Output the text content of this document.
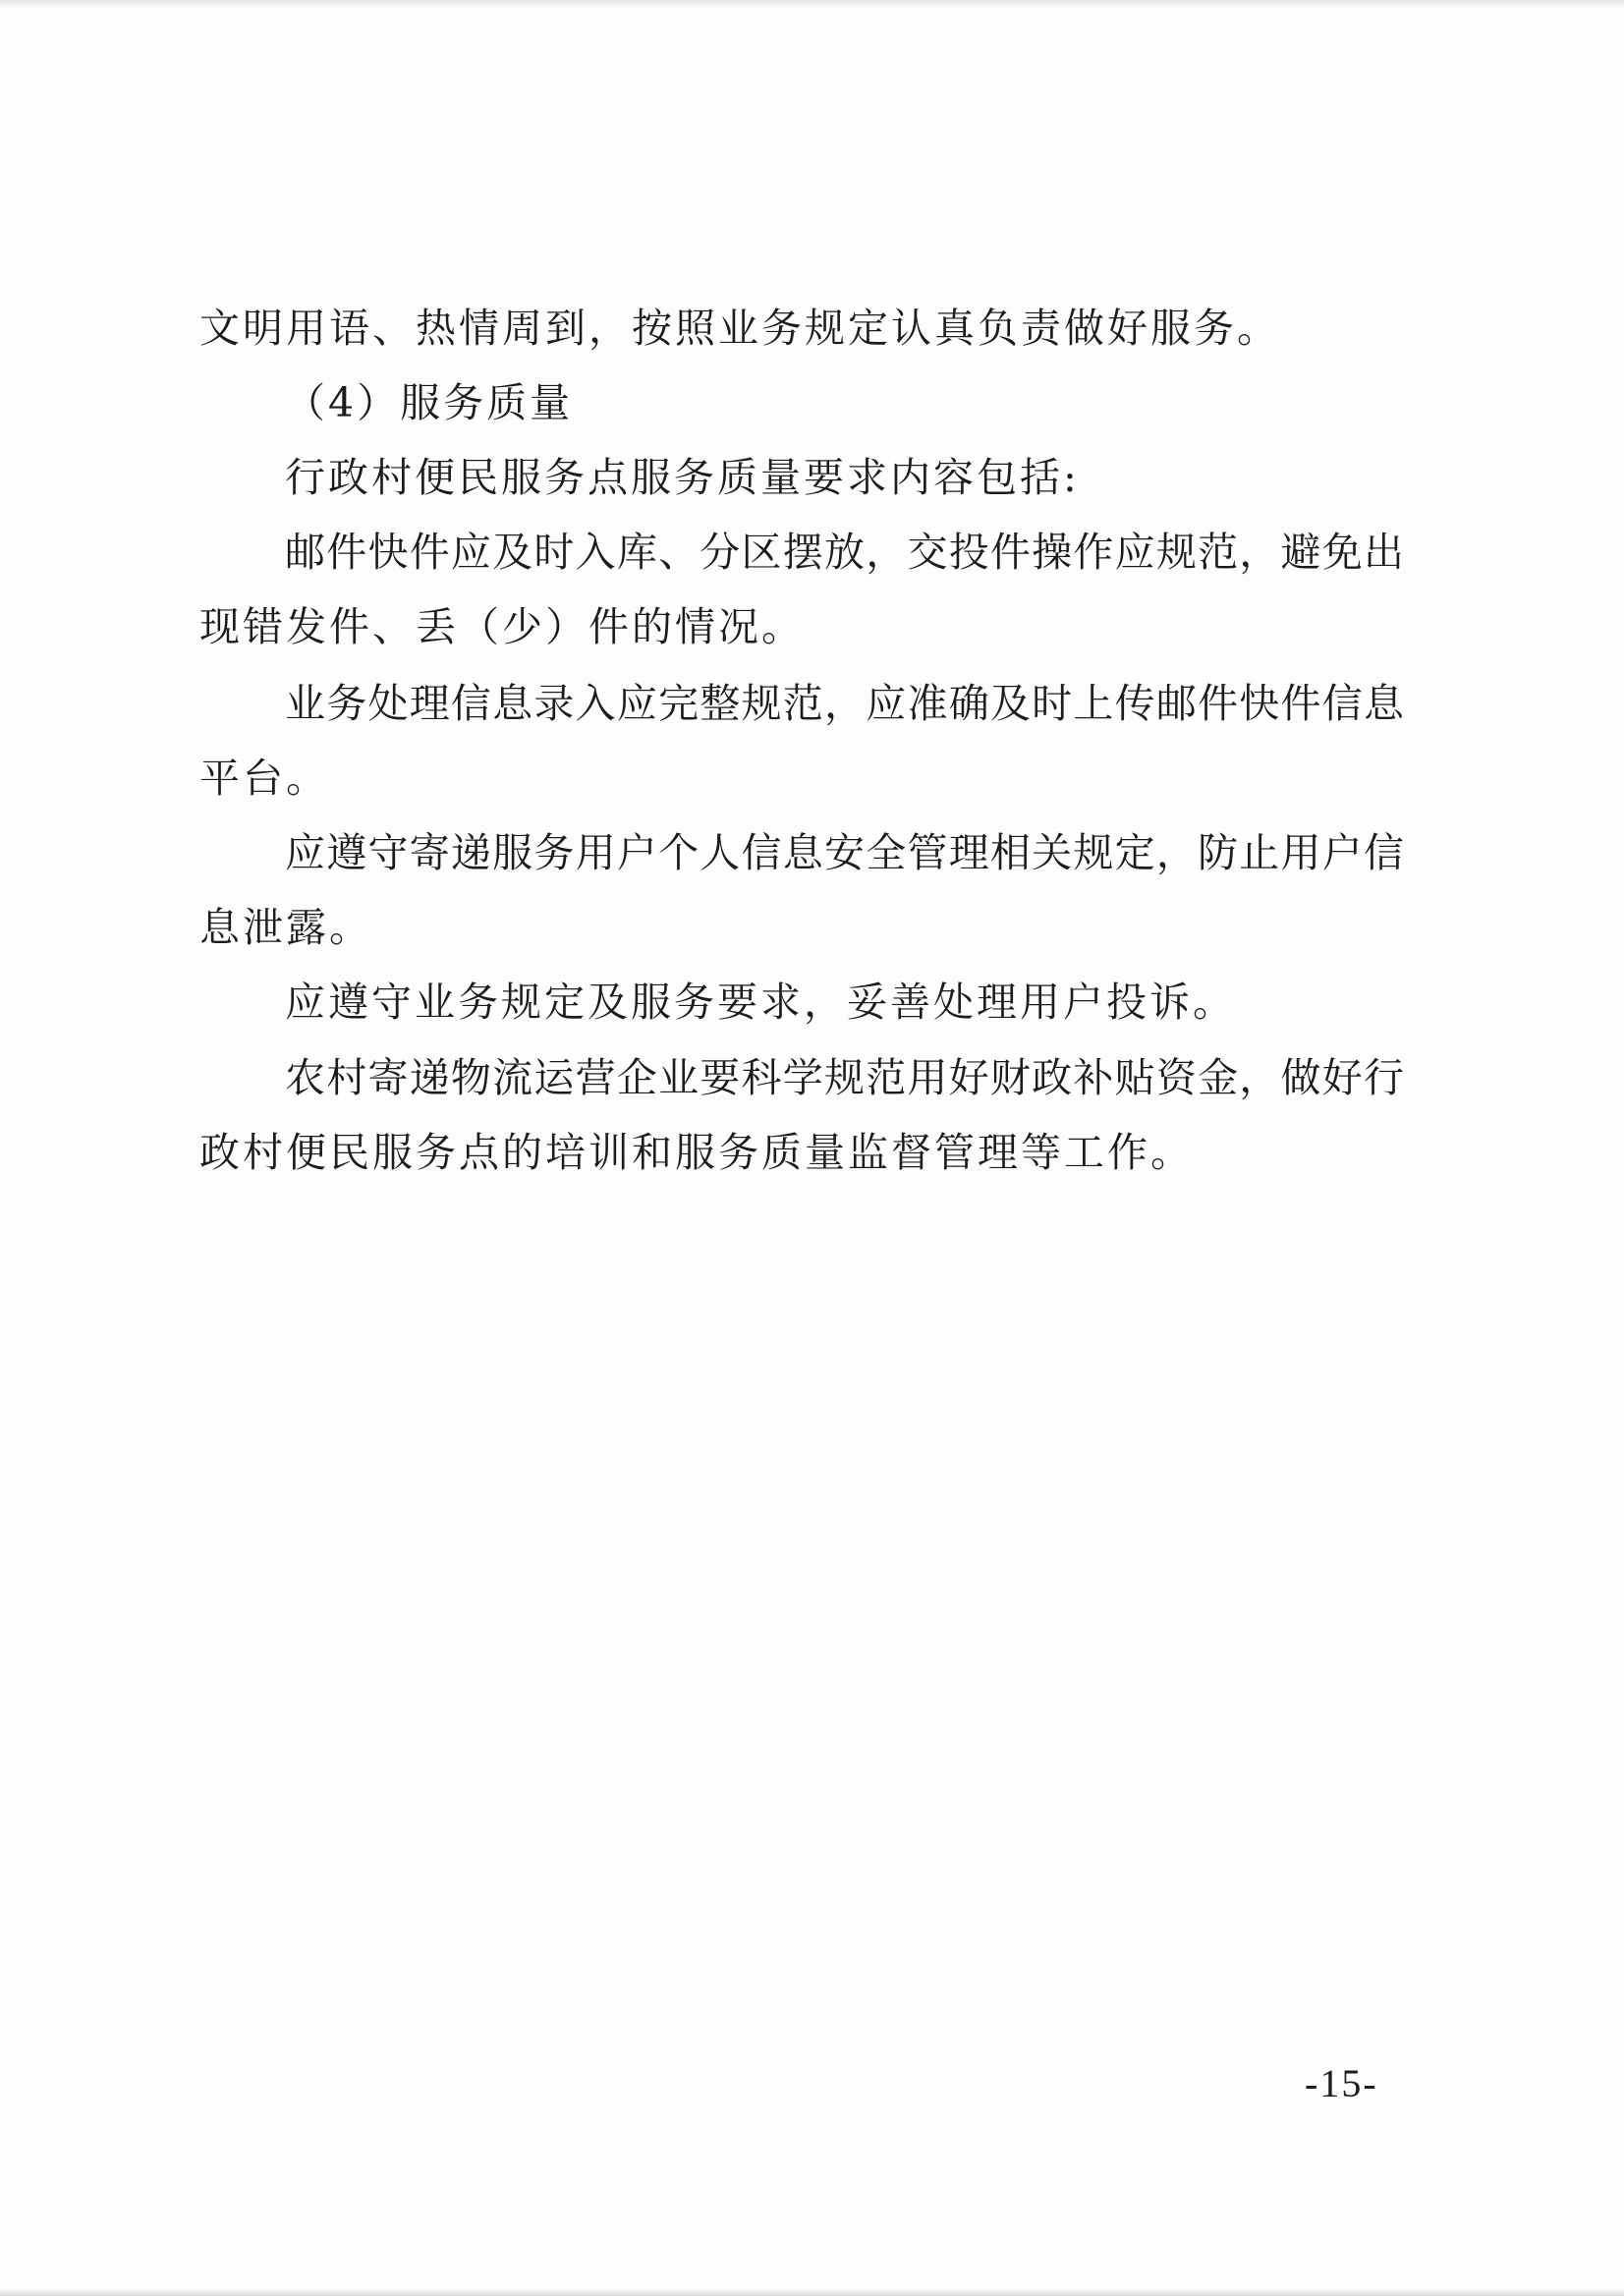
文明用语、热情周到，按照业务规定认真负责做好服务。
（4）服务质量
行政村便民服务点服务质量要求内容包括:
邮件快件应及时入库、分区摆放，交投件操作应规范，避免出
现错发件、丢（少）件的情况。
业务处理信息录入应完整规范，应准确及时上传邮件快件信息
平台。
应遵守寄递服务用户个人信息安全管理相关规定，防止用户信
息泄露。
应遵守业务规定及服务要求，妥善处理用户投诉。
农村寄递物流运营企业要科学规范用好财政补贴资金，做好行
政村便民服务点的培训和服务质量监督管理等工作。
-15-
